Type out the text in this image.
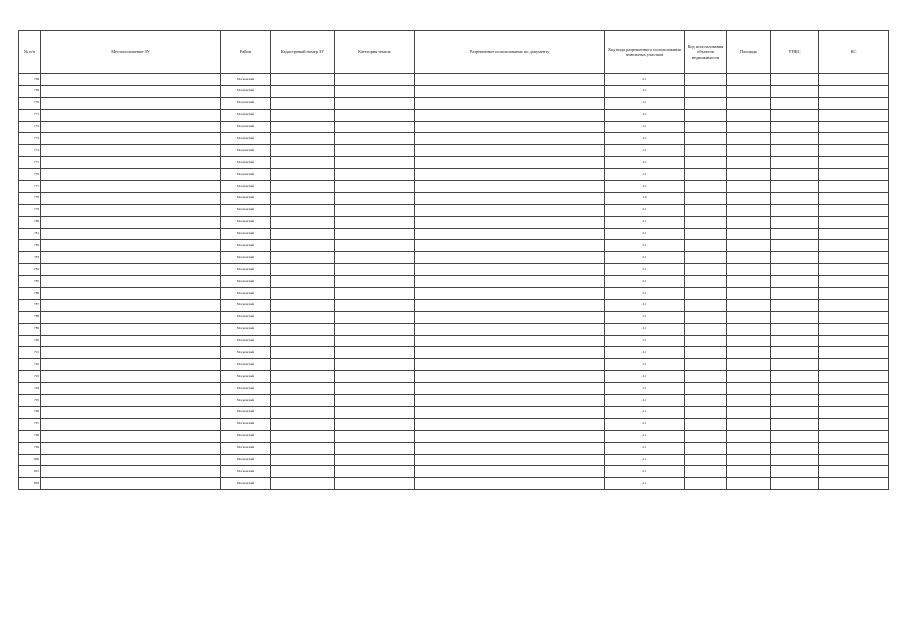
№ п/п	Местоположение ЗУ	Район	Кадастровый номер ЗУ	Категория земель	Разрешенное использование по документу	Код вида разрешенного использования земельных участков	Код использования объектов недвижимости	Площадь	УПКС	КС
768		Московский				2.1				
769		Московский				2.1				
770		Московский				2.1				
771		Московский				2.1				
772		Московский				2.1				
773		Московский				2.1				
774		Московский				2.1				
775		Московский				2.1				
776		Московский				2.1				
777		Московский				2.1				
778		Московский				2.6				
779		Московский				2.1				
780		Московский				2.1				
781		Московский				2.1				
782		Московский				2.1				
783		Московский				2.1				
784		Московский				2.1				
785		Московский				2.1				
786		Московский				2.1				
787		Московский				2.1				
788		Московский				2.1				
789		Московский				2.1				
790		Московский				2.1				
791		Московский				2.1				
792		Московский				2.1				
793		Московский				2.1				
794		Московский				2.1				
795		Московский				2.1				
796		Московский				2.1				
797		Московский				2.1				
798		Московский				2.1				
799		Московский				2.1				
800		Московский				2.1				
801		Московский				2.1				
802		Московский				2.1				
